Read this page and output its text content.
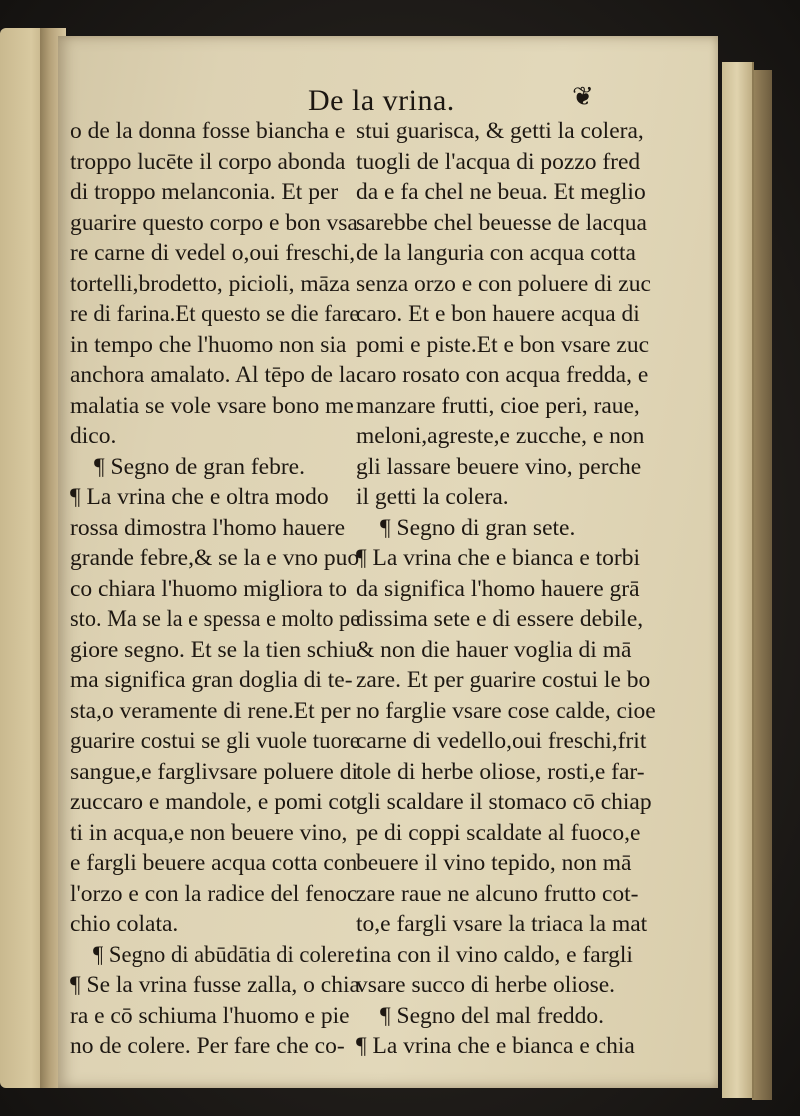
De la vrina.	❦
o de la donna fosse biancha e
troppo lucēte il corpo abonda
di troppo melanconia. Et per
guarire questo corpo e bon vsa
re carne di vedel o,oui freschi,
tortelli,brodetto, picioli, māza
re di farina.Et questo se die fare
in tempo che l'huomo non sia
anchora amalato. Al tēpo de la
malatia se vole vsare bono me
dico.
¶ Segno de gran febre.
¶ La vrina che e oltra modo
rossa dimostra l'homo hauere
grande febre,& se la e vno puo
co chiara l'huomo migliora to
sto. Ma se la e spessa e molto pe
giore segno. Et se la tien schiu
ma significa gran doglia di te-
sta,o veramente di rene.Et per
guarire costui se gli vuole tuore
sangue,e farglivsare poluere di
zuccaro e mandole, e pomi cot
ti in acqua,e non beuere vino,
e fargli beuere acqua cotta con
l'orzo e con la radice del fenoc
chio colata.
¶ Segno di abūdātia di colere.
¶ Se la vrina fusse zalla, o chia
ra e cō schiuma l'huomo e pie
no de colere. Per fare che co-
stui guarisca, & getti la colera,
tuogli de l'acqua di pozzo fred
da e fa chel ne beua. Et meglio
sarebbe chel beuesse de lacqua
de la languria con acqua cotta
senza orzo e con poluere di zuc
caro. Et e bon hauere acqua di
pomi e piste.Et e bon vsare zuc
caro rosato con acqua fredda, e
manzare frutti, cioe peri, raue,
meloni,agreste,e zucche, e non
gli lassare beuere vino, perche
il getti la colera.
¶ Segno di gran sete.
¶ La vrina che e bianca e torbi
da significa l'homo hauere grā
dissima sete e di essere debile,
& non die hauer voglia di mā
zare. Et per guarire costui le bo
no farglie vsare cose calde, cioe
carne di vedello,oui freschi,frit
tole di herbe oliose, rosti,e far-
gli scaldare il stomaco cō chiap
pe di coppi scaldate al fuoco,e
beuere il vino tepido, non mā
zare raue ne alcuno frutto cot-
to,e fargli vsare la triaca la mat
tina con il vino caldo, e fargli
vsare succo di herbe oliose.
¶ Segno del mal freddo.
¶ La vrina che e bianca e chia
